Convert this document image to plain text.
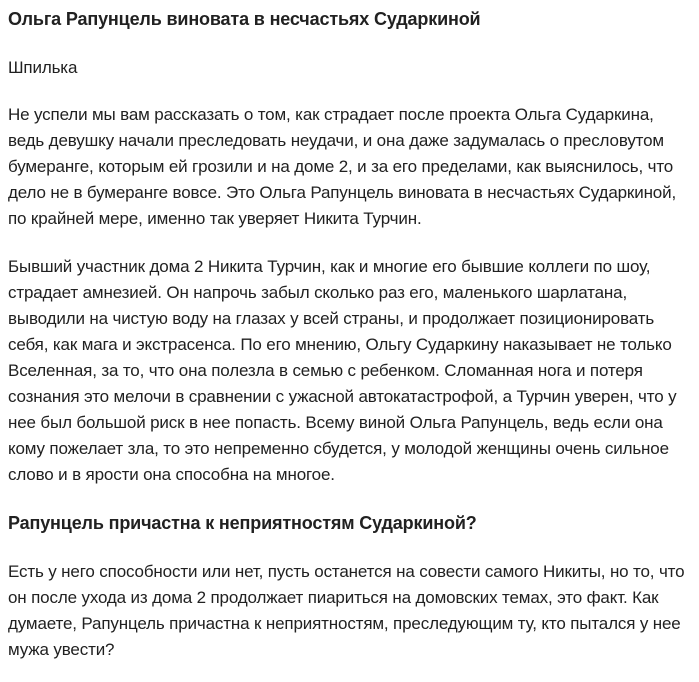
Ольга Рапунцель виновата в несчастьях Сударкиной
Шпилька

Не успели мы вам рассказать о том, как страдает после проекта Ольга Сударкина, ведь девушку начали преследовать неудачи, и она даже задумалась о пресловутом бумеранге, которым ей грозили и на доме 2, и за его пределами, как выяснилось, что дело не в бумеранге вовсе. Это Ольга Рапунцель виновата в несчастьях Сударкиной, по крайней мере, именно так уверяет Никита Турчин.

Бывший участник дома 2 Никита Турчин, как и многие его бывшие коллеги по шоу, страдает амнезией. Он напрочь забыл сколько раз его, маленького шарлатана, выводили на чистую воду на глазах у всей страны, и продолжает позиционировать себя, как мага и экстрасенса. По его мнению, Ольгу Сударкину наказывает не только Вселенная, за то, что она полезла в семью с ребенком. Сломанная нога и потеря сознания это мелочи в сравнении с ужасной автокатастрофой, а Турчин уверен, что у нее был большой риск в нее попасть. Всему виной Ольга Рапунцель, ведь если она кому пожелает зла, то это непременно сбудется, у молодой женщины очень сильное слово и в ярости она способна на многое.

Рапунцель причастна к неприятностям Сударкиной?

Есть у него способности или нет, пусть останется на совести самого Никиты, но то, что он после ухода из дома 2 продолжает пиариться на домовских темах, это факт. Как думаете, Рапунцель причастна к неприятностям, преследующим ту, кто пытался у нее мужа увести?
